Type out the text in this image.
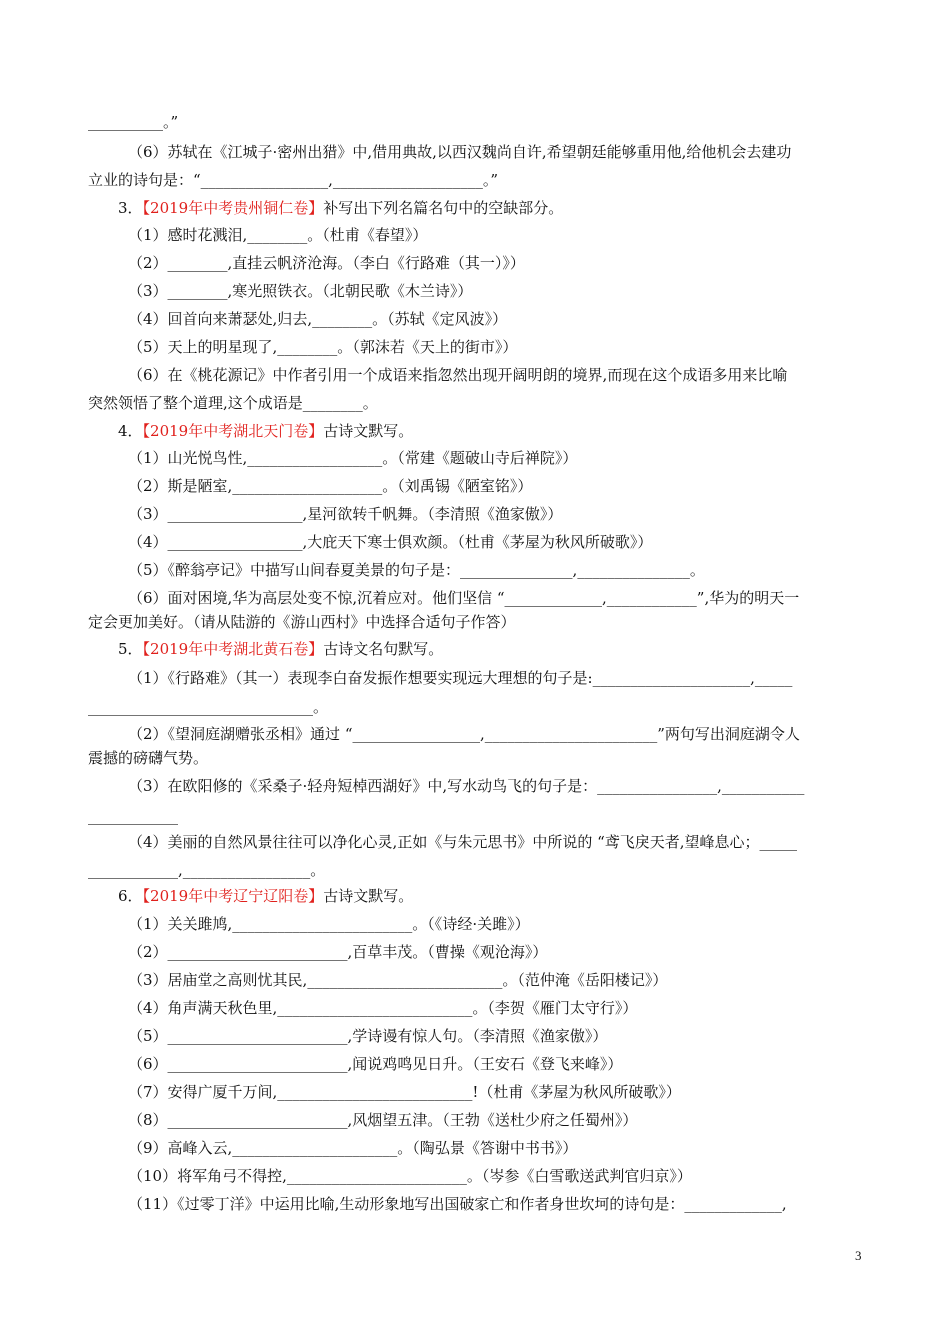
__________。”
（6）苏轼在《江城子·密州出猎》中,借用典故,以西汉魏尚自许,希望朝廷能够重用他,给他机会去建功
立业的诗句是：“_________________,____________________。”
3．【2019年中考贵州铜仁卷】补写出下列名篇名句中的空缺部分。
（1）感时花溅泪,________。（杜甫《春望》）
（2）________,直挂云帆济沧海。（李白《行路难（其一）》）
（3）________,寒光照铁衣。（北朝民歌《木兰诗》）
（4）回首向来萧瑟处,归去,________。（苏轼《定风波》）
（5）天上的明星现了,________。（郭沫若《天上的街市》）
（6）在《桃花源记》中作者引用一个成语来指忽然出现开阔明朗的境界,而现在这个成语多用来比喻
突然领悟了整个道理,这个成语是________。
4．【2019年中考湖北天门卷】古诗文默写。
（1）山光悦鸟性,__________________。（常建《题破山寺后禅院》）
（2）斯是陋室,____________________。（刘禹锡《陋室铭》）
（3）__________________,星河欲转千帆舞。（李清照《渔家傲》）
（4）__________________,大庇天下寒士俱欢颜。（杜甫《茅屋为秋风所破歌》）
（5）《醉翁亭记》中描写山间春夏美景的句子是：_______________,_______________。
（6）面对困境,华为高层处变不惊,沉着应对。他们坚信 “_____________,____________”,华为的明天一
定会更加美好。（请从陆游的《游山西村》中选择合适句子作答）
5．【2019年中考湖北黄石卷】古诗文名句默写。
（1）《行路难》（其一）表现李白奋发振作想要实现远大理想的句子是:_____________________,_____
______________________________。
（2）《望洞庭湖赠张丞相》通过 “_________________,_______________________”两句写出洞庭湖令人
震撼的磅礴气势。
（3）在欧阳修的《采桑子·轻舟短棹西湖好》中,写水动鸟飞的句子是：________________,___________
____________
（4）美丽的自然风景往往可以净化心灵,正如《与朱元思书》中所说的 “鸢飞戾天者,望峰息心；_____
____________,_________________。
6．【2019年中考辽宁辽阳卷】古诗文默写。
（1）关关雎鸠,________________________。（《诗经·关雎》）
（2）________________________,百草丰茂。（曹操《观沧海》）
（3）居庙堂之高则忧其民,__________________________。（范仲淹《岳阳楼记》）
（4）角声满天秋色里,__________________________。（李贺《雁门太守行》）
（5）________________________,学诗谩有惊人句。（李清照《渔家傲》）
（6）________________________,闻说鸡鸣见日升。（王安石《登飞来峰》）
（7）安得广厦千万间,__________________________!（杜甫《茅屋为秋风所破歌》）
（8）________________________,风烟望五津。（王勃《送杜少府之任蜀州》）
（9）高峰入云,______________________。（陶弘景《答谢中书书》）
（10）将军角弓不得控,________________________。（岑参《白雪歌送武判官归京》）
（11）《过零丁洋》中运用比喻,生动形象地写出国破家亡和作者身世坎坷的诗句是：_____________,
3
